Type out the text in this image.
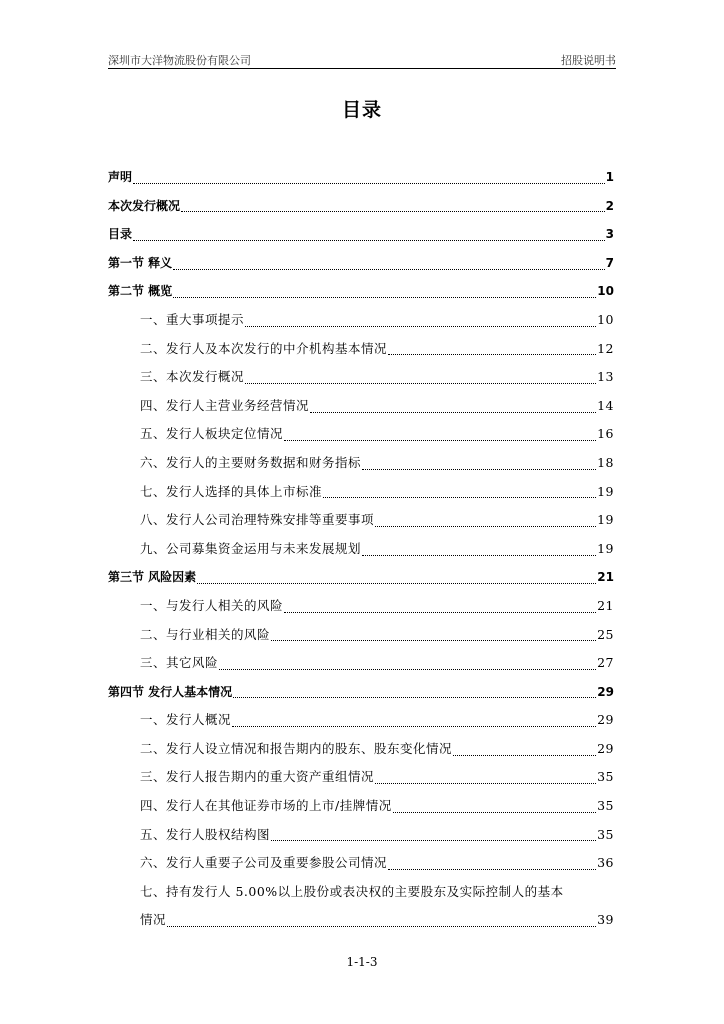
深圳市大洋物流股份有限公司	招股说明书
目录
声明	1
本次发行概况	2
目录	3
第一节 释义	7
第二节 概览	10
一、重大事项提示	10
二、发行人及本次发行的中介机构基本情况	12
三、本次发行概况	13
四、发行人主营业务经营情况	14
五、发行人板块定位情况	16
六、发行人的主要财务数据和财务指标	18
七、发行人选择的具体上市标准	19
八、发行人公司治理特殊安排等重要事项	19
九、公司募集资金运用与未来发展规划	19
第三节 风险因素	21
一、与发行人相关的风险	21
二、与行业相关的风险	25
三、其它风险	27
第四节 发行人基本情况	29
一、发行人概况	29
二、发行人设立情况和报告期内的股东、股东变化情况	29
三、发行人报告期内的重大资产重组情况	35
四、发行人在其他证券市场的上市/挂牌情况	35
五、发行人股权结构图	35
六、发行人重要子公司及重要参股公司情况	36
七、持有发行人 5.00%以上股份或表决权的主要股东及实际控制人的基本
情况	39
1-1-3
